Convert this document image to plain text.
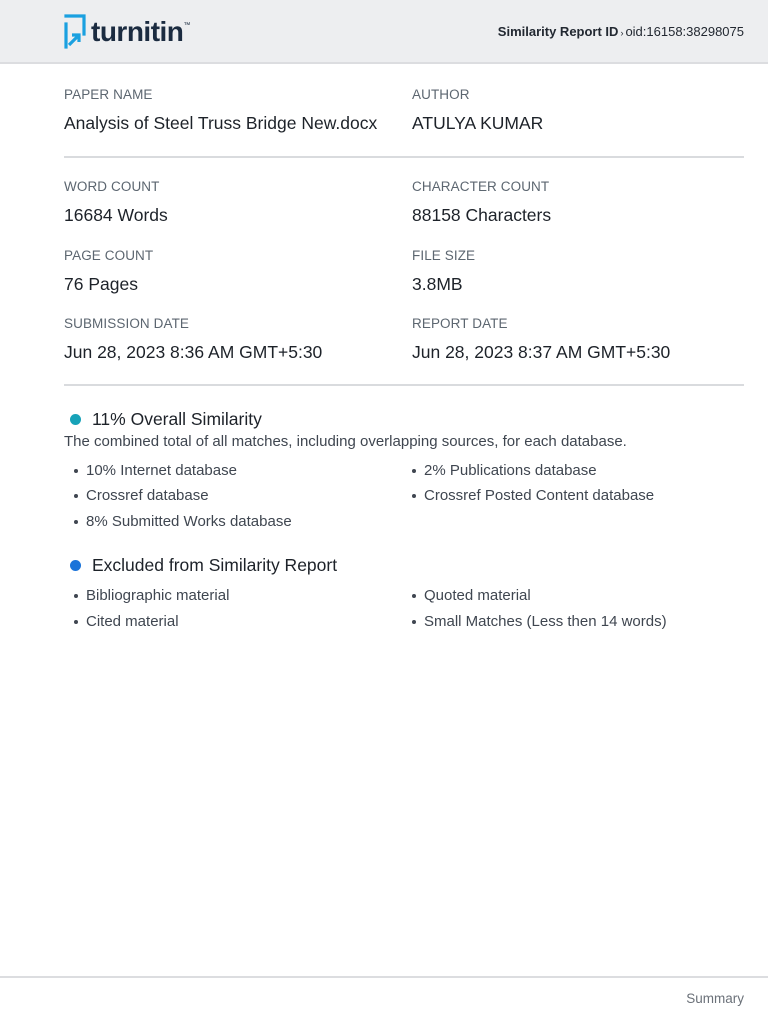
turnitin ™	Similarity Report ID › oid:16158:38298075
PAPER NAME
Analysis of Steel Truss Bridge New.docx
AUTHOR
ATULYA KUMAR
WORD COUNT
16684 Words
CHARACTER COUNT
88158 Characters
PAGE COUNT
76 Pages
FILE SIZE
3.8MB
SUBMISSION DATE
Jun 28, 2023 8:36 AM GMT+5:30
REPORT DATE
Jun 28, 2023 8:37 AM GMT+5:30
11% Overall Similarity
The combined total of all matches, including overlapping sources, for each database.
10% Internet database
Crossref database
8% Submitted Works database
2% Publications database
Crossref Posted Content database
Excluded from Similarity Report
Bibliographic material
Cited material
Quoted material
Small Matches (Less then 14 words)
Summary
